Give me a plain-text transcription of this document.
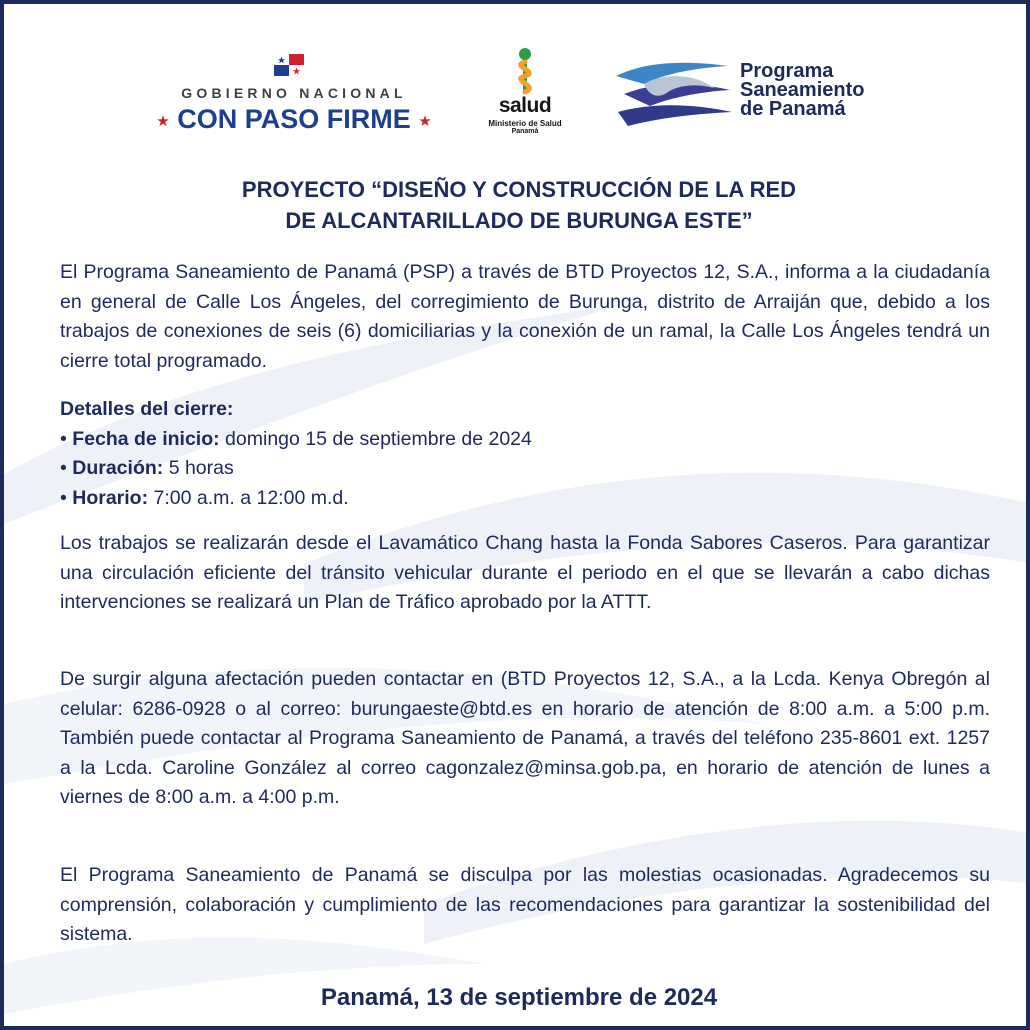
GOBIERNO NACIONAL
★ CON PASO FIRME ★
salud
Ministerio de Salud
Panamá
Programa
Saneamiento
de Panamá
PROYECTO “DISEÑO Y CONSTRUCCIÓN DE LA RED
DE ALCANTARILLADO DE BURUNGA ESTE”
El Programa Saneamiento de Panamá (PSP) a través de BTD Proyectos 12, S.A., informa a la ciudadanía en general de Calle Los Ángeles, del corregimiento de Burunga, distrito de Arraiján que, debido a los trabajos de conexiones de seis (6) domiciliarias y la conexión de un ramal, la Calle Los Ángeles tendrá un cierre total programado.
Detalles del cierre:
• Fecha de inicio: domingo 15 de septiembre de 2024
• Duración: 5 horas
• Horario: 7:00 a.m. a 12:00 m.d.
Los trabajos se realizarán desde el Lavamático Chang hasta la Fonda Sabores Caseros. Para garantizar una circulación eficiente del tránsito vehicular durante el periodo en el que se llevarán a cabo dichas intervenciones se realizará un Plan de Tráfico aprobado por la ATTT.
De surgir alguna afectación pueden contactar en (BTD Proyectos 12, S.A., a la Lcda. Kenya Obregón al celular: 6286-0928 o al correo: burungaeste@btd.es en horario de atención de 8:00 a.m. a 5:00 p.m. También puede contactar al Programa Saneamiento de Panamá, a través del teléfono 235-8601 ext. 1257 a la Lcda. Caroline González al correo cagonzalez@minsa.gob.pa, en horario de atención de lunes a viernes de 8:00 a.m. a 4:00 p.m.
El Programa Saneamiento de Panamá se disculpa por las molestias ocasionadas. Agradecemos su comprensión, colaboración y cumplimiento de las recomendaciones para garantizar la sostenibilidad del sistema.
Panamá, 13 de septiembre de 2024
